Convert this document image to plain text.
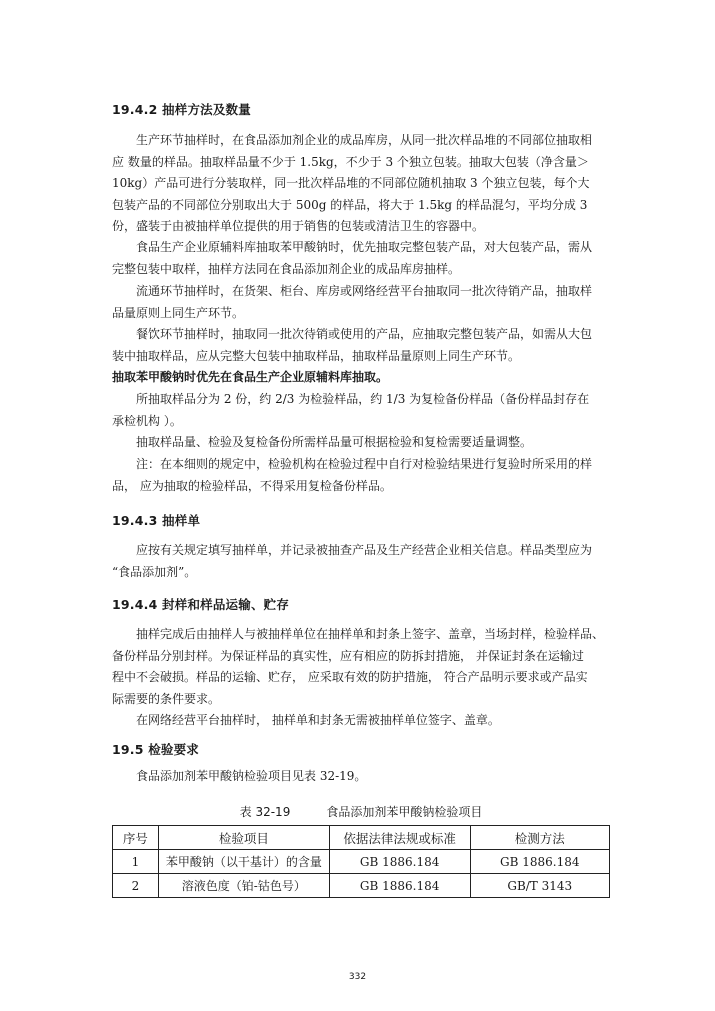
19.4.2 抽样方法及数量
生产环节抽样时，在食品添加剂企业的成品库房，从同一批次样品堆的不同部位抽取相
应 数量的样品。抽取样品量不少于 1.5kg，不少于 3 个独立包装。抽取大包装（净含量＞
10kg）产品可进行分装取样，同一批次样品堆的不同部位随机抽取 3 个独立包装，每个大
包装产品的不同部位分别取出大于 500g 的样品，将大于 1.5kg 的样品混匀，平均分成 3
份，盛装于由被抽样单位提供的用于销售的包装或清洁卫生的容器中。
食品生产企业原辅料库抽取苯甲酸钠时，优先抽取完整包装产品，对大包装产品，需从
完整包装中取样，抽样方法同在食品添加剂企业的成品库房抽样。
流通环节抽样时，在货架、柜台、库房或网络经营平台抽取同一批次待销产品，抽取样
品量原则上同生产环节。
餐饮环节抽样时，抽取同一批次待销或使用的产品，应抽取完整包装产品，如需从大包
装中抽取样品，应从完整大包装中抽取样品，抽取样品量原则上同生产环节。
抽取苯甲酸钠时优先在食品生产企业原辅料库抽取。
所抽取样品分为 2 份，约 2/3 为检验样品，约 1/3 为复检备份样品（备份样品封存在
承检机构 ）。
抽取样品量、检验及复检备份所需样品量可根据检验和复检需要适量调整。
注：在本细则的规定中，检验机构在检验过程中自行对检验结果进行复验时所采用的样
品， 应为抽取的检验样品，不得采用复检备份样品。
19.4.3 抽样单
应按有关规定填写抽样单，并记录被抽查产品及生产经营企业相关信息。样品类型应为
“食品添加剂”。
19.4.4 封样和样品运输、贮存
抽样完成后由抽样人与被抽样单位在抽样单和封条上签字、盖章，当场封样，检验样品、
备份样品分别封样。为保证样品的真实性，应有相应的防拆封措施， 并保证封条在运输过
程中不会破损。样品的运输、贮存， 应采取有效的防护措施， 符合产品明示要求或产品实
际需要的条件要求。
在网络经营平台抽样时， 抽样单和封条无需被抽样单位签字、盖章。
19.5 检验要求
食品添加剂苯甲酸钠检验项目见表 32-19。
表 32-19	食品添加剂苯甲酸钠检验项目
序号	检验项目	依据法律法规或标准	检测方法
1	苯甲酸钠（以干基计）的含量	GB 1886.184	GB 1886.184
2	溶液色度（铂-钴色号）	GB 1886.184	GB/T 3143
332
